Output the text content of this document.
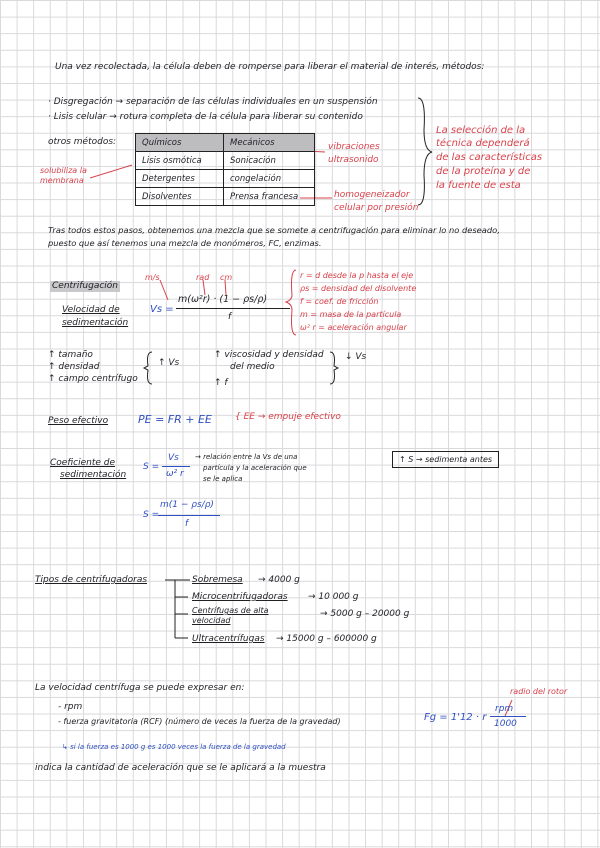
Una vez recolectada, la célula deben de romperse para liberar el material de interés, métodos:
· Disgregación → separación de las células individuales en un suspensión
· Lisis celular → rotura completa de la célula para liberar su contenido
otros métodos:
solubiliza la
membrana
Químicos	Mecánicos
Lisis osmótica	Sonicación
Detergentes	congelación
Disolventes	Prensa francesa
vibraciones
ultrasonido
homogeneizador
celular por presión
La selección de la
técnica dependerá
de las características
de la proteína y de
la fuente de esta
Tras todos estos pasos, obtenemos una mezcla que se somete a centrifugación para eliminar lo no deseado,
puesto que así tenemos una mezcla de monómeros, FC, enzimas.
Centrifugación
Velocidad de
sedimentación
m/s	rad cm
Vs =
m(ω²r) · (1 − ρs/ρ)
f
r = d desde la p hasta el eje
ρs = densidad del disolvente
f = coef. de fricción
m = masa de la partícula
ω² r = aceleración angular
↑ tamaño
↑ densidad
↑ campo centrífugo
↑ Vs
↑ viscosidad y densidad
del medio
↑ f
↓ Vs
Peso efectivo	PE = FR + EE	{ EE → empuje efectivo
Coeficiente de
sedimentación
S =
Vs
ω² r
→ relación entre la Vs de una
partícula y la aceleración que
se le aplica
↑ S → sedimenta antes
S =
m(1 − ρs/ρ)
f
Tipos de centrifugadoras	Sobremesa → 4000 g
Microcentrifugadoras → 10 000 g
Centrífugas de alta velocidad
→ 5000 g – 20000 g
Ultracentrífugas → 15000 g – 600000 g
La velocidad centrífuga se puede expresar en:
- rpm
- fuerza gravitatoria (RCF) (número de veces la fuerza de la gravedad)
↳ si la fuerza es 1000 g es 1000 veces la fuerza de la gravedad
radio del rotor
Fg = 1'12 · r
rpm
1000
indica la cantidad de aceleración que se le aplicará a la muestra
